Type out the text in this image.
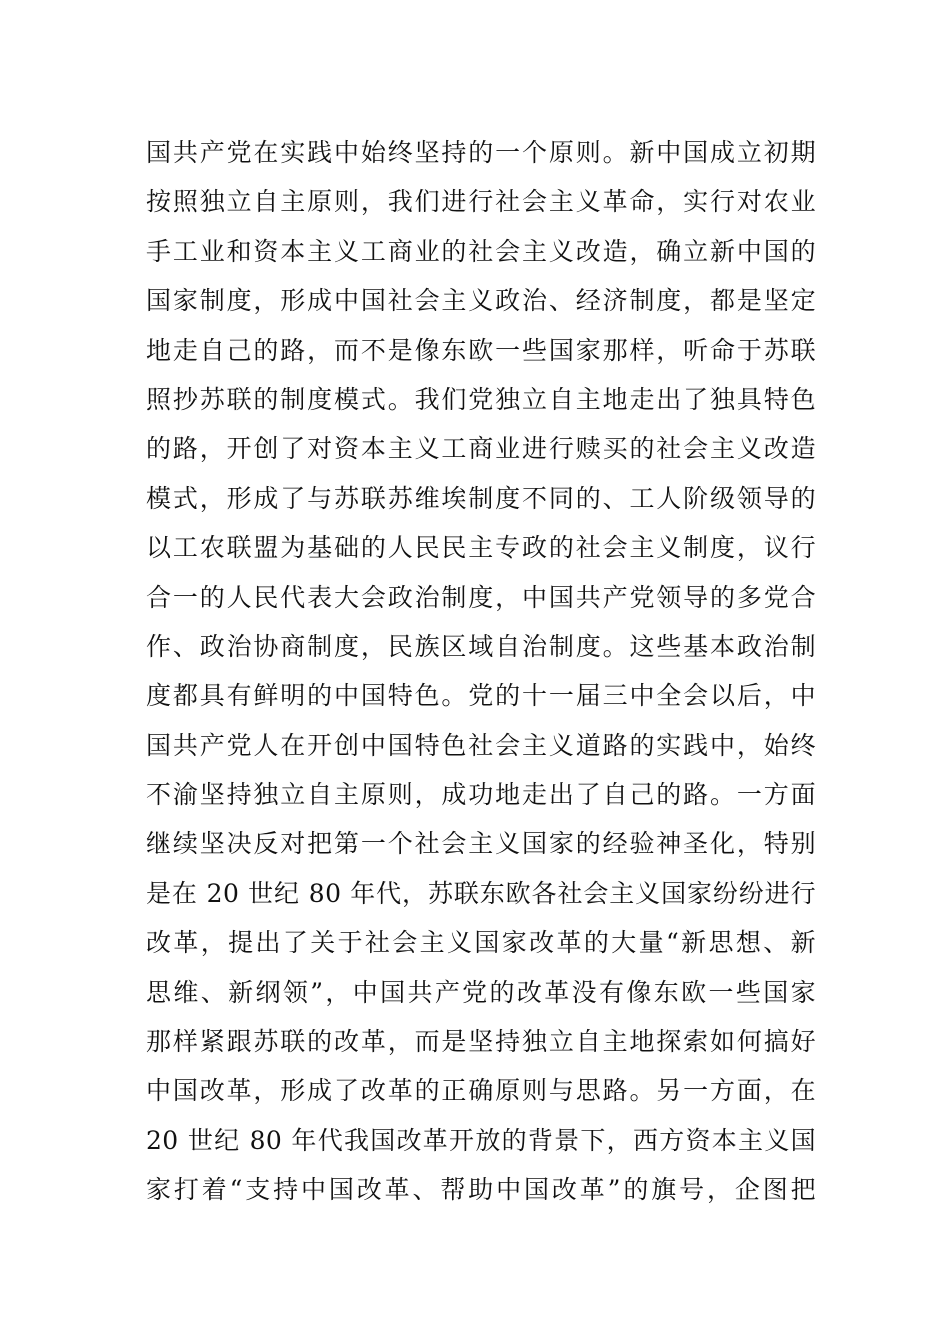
国共产党在实践中始终坚持的一个原则。新中国成立初期
按照独立自主原则，我们进行社会主义革命，实行对农业
手工业和资本主义工商业的社会主义改造，确立新中国的
国家制度，形成中国社会主义政治、经济制度，都是坚定
地走自己的路，而不是像东欧一些国家那样，听命于苏联
照抄苏联的制度模式。我们党独立自主地走出了独具特色
的路，开创了对资本主义工商业进行赎买的社会主义改造
模式，形成了与苏联苏维埃制度不同的、工人阶级领导的
以工农联盟为基础的人民民主专政的社会主义制度，议行
合一的人民代表大会政治制度，中国共产党领导的多党合
作、政治协商制度，民族区域自治制度。这些基本政治制
度都具有鲜明的中国特色。党的十一届三中全会以后，中
国共产党人在开创中国特色社会主义道路的实践中，始终
不渝坚持独立自主原则，成功地走出了自己的路。一方面
继续坚决反对把第一个社会主义国家的经验神圣化，特别
是在 20 世纪 80 年代，苏联东欧各社会主义国家纷纷进行
改革，提出了关于社会主义国家改革的大量“新思想、新
思维、新纲领”，中国共产党的改革没有像东欧一些国家
那样紧跟苏联的改革，而是坚持独立自主地探索如何搞好
中国改革，形成了改革的正确原则与思路。另一方面，在
20 世纪 80 年代我国改革开放的背景下，西方资本主义国
家打着“支持中国改革、帮助中国改革”的旗号，企图把
